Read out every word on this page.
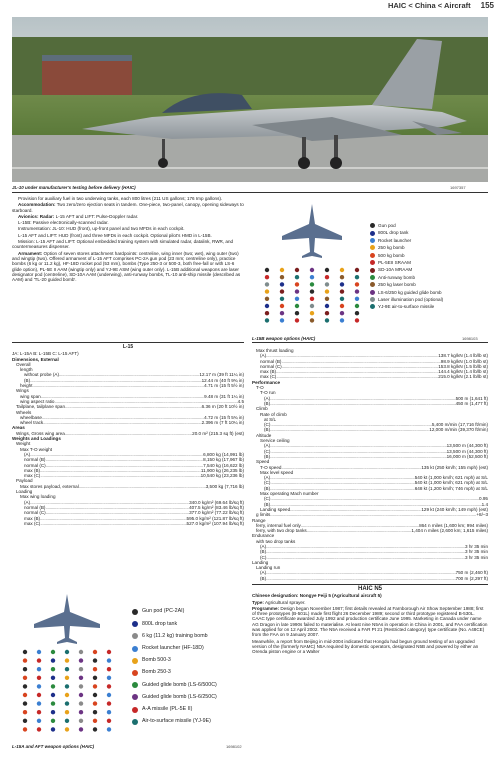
HAIC < China < Aircraft 155
JL-10 under manufacturer's testing before delivery (HAIC)	1697357

Provision for auxiliary fuel in two underwing tanks, each 800 litres (211 US gallons; 176 Imp gallons).

Accommodation: Two zero/zero ejection seats in tandem. One-piece, two-panel, canopy, opening sideways to starboard.

Avionics: Radar: L-15 AFT and LIFT: Pulse-Doppler radar.

L-15B: Passive electronically-scanned radar.

Instrumentation: JL-10: HUD (front), up-front panel and two MFDs in each cockpit.

L-15 AFT and LIFT: HUD (front) and three MFDs in each cockpit. Optional pilot's HMD in L-15B.

Mission: L-15 AFT and LIFT: Optional embedded training system with simulated radar, datalink, RWR, and countermeasures dispenser.

Armament: Option of seven stores attachment hardpoints: centreline, wing inner (two; wet), wing outer (two) and wingtip (two). Offered armament of L-15 AFT comprises PC-2A gun pod (23 mm; centreline only), practice bombs (6 kg or 11.2 kg), HF-18D rocket pod (53 mm), bombs (Type 250-3 or 500-3, both free-fall or with LS-6 glide option), PL-5E II AAM (wingtip only) and YJ-9E ASM (wing outer only). L-15B additional weapons are laser designator pod (centreline), SD-10A AAM (underwing), anti-runway bombs, TL-10 anti-ship missile (described as AAM) and 'TL-20 guided bomb'.

Gun pod
800L drop tank
Rocket launcher
250 kg bomb
500 kg bomb
PL-5EII SRAAM
SD-10A MRAAM
Anti-runway bomb
250 kg laser bomb
LS-6/250 kg guided glide bomb
Laser illumination pod (optional)
YJ-9E air-to-surface missile
L-15B weapon options (HAIC)	1698103
L-15
JA: L-15A B: L-15B C: L-15 AFT)
Dimensions, External
Overall
length
without probe (A) .....	12.17 m (39 ft 11¼ in)
(B) .....	12.44 m (40 ft 9¾ in)
height .....	4.71 m (15 ft 5½ in)
Wings
wing span .....	9.48 m (31 ft 1¼ in)
wing aspect ratio .....	4.5
Tailplane, tailplane span .....	6.36 m (20 ft 10½ in)
Wheels
wheelbase .....	4.72 m (15 ft 5¾ in)
wheel track .....	2.396 m (7 ft 10¼ in)
Areas
Wings, Gross wing area .....	20.0 m² (215.3 sq ft) (est)
Weights and Loadings
Weight
Max T-O weight
(A) .....	6,800 kg (14,991 lb)
normal (B) .....	8,150 kg (17,967 lb)
normal (C) .....	7,540 kg (16,622 lb)
max (B) .....	11,900 kg (26,235 lb)
max (C) .....	10,540 kg (23,236 lb)
Payload
Max stores payload, external .....	3,500 kg (7,716 lb)
Loading
Max wing loading
(A) .....	340.0 kg/m² (69.64 lb/sq ft)
normal (B) .....	407.5 kg/m² (83.46 lb/sq ft)
normal (C) .....	377.0 kg/m² (77.22 lb/sq ft)
max (B) .....	595.0 kg/m² (121.87 lb/sq ft)
max (C) .....	527.0 kg/m² (107.94 lb/sq ft)
Max thrust loading
(A) .....	138.7 kg/kN (1.4 lb/lb st)
normal (B) .....	98.9 kg/kN (1.0 lb/lb st)
normal (C) .....	153.8 kg/kN (1.5 lb/lb st)
max (B) .....	144.4 kg/kN (1.4 lb/lb st)
max (C) .....	215.0 kg/kN (2.1 lb/lb st)
Performance
T-O
T-O run
(A) .....	500 m (1,641 ft)
(B) .....	450 m (1,477 ft)
Climb
Rate of climb
at S/L
(C) .....	5,400 m/min (17,716 ft/min)
(B) .....	12,000 m/min (39,370 ft/min)
Altitude
Service ceiling
(A) .....	13,500 m (44,300 ft)
(C) .....	13,500 m (44,300 ft)
(B) .....	16,000 m (52,500 ft)
Speed
T-O speed .....	135 kt (250 km/h; 155 mph) (est)
Max level speed
(A) .....	540 kt (1,000 km/h; 621 mph) at S/L
(C) .....	540 kt (1,000 km/h; 621 mph) at S/L
(B) .....	648 kt (1,200 km/h; 746 mph) at S/L
Max operating Mach number
(C) .....	0.95
(B) .....	1.4
Landing speed .....	129 kt (240 km/h; 149 mph) (est)
g limits .....	+8/–3
Range
ferry, internal fuel only .....	864 n miles (1,600 km; 994 miles)
ferry, with two drop tanks .....	1,404 n miles (2,600 km; 1,615 miles)
Endurance
with two drop tanks
(A) .....	3 hr 35 min
(B) .....	3 hr 35 min
(C) .....	3 hr 35 min
Landing
Landing run
(A) .....	750 m (2,460 ft)
(B) .....	700 m (2,297 ft)
Gun pod (PC-2AI)
800L drop tank
6 kg (11.2 kg) training bomb
Rocket launcher (HF-18D)
Bomb 500-3
Bomb 250-3
Guided glide bomb (LS-6/500C)
Guided glide bomb (LS-6/250C)
A-A missile (PL-5E II)
Air-to-surface missile (YJ-9E)
L-15A and AFT weapon options (HAIC)	1698102
HAIC N5

Chinese designation: Nongye Feiji 5 (Agricultural aircraft 5)

Type: Agricultural sprayer.

Programme: Design began November 1987; first details revealed at Farnborough Air Show September 1988; first of three prototypes (B-501L) made first flight 26 December 1989; second or third prototype registered B-530L. CAAC type certificate awarded July 1992 and production certificate June 1995. Marketing in Canada under name AG Dragon in late 1990s failed to materialise. At least nine N5As in operation in China in 2001, and FAA certification was applied for on 12 April 2002. The N5A received a FAR Pt 21 (Restricted category) type certificate (No. A48CE) from the FAA on 9 January 2007.

Meanwhile, a report from Beijing in mid-2004 indicated that Hongdu had begun ground testing of an upgraded version of the (formerly NAMC) N5A required by domestic operators, designated N5B and powered by either an Orenda piston engine or a Walter
